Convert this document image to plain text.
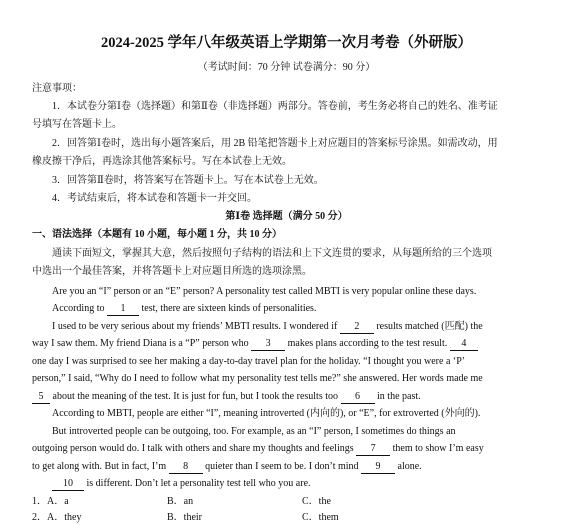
2024-2025 学年八年级英语上学期第一次月考卷（外研版）
（考试时间：70 分钟 试卷满分：90 分）
注意事项：
1．本试卷分第Ⅰ卷（选择题）和第Ⅱ卷（非选择题）两部分。答卷前，考生务必将自己的姓名、准考证
号填写在答题卡上。
2．回答第Ⅰ卷时，选出每小题答案后，用 2B 铅笔把答题卡上对应题目的答案标号涂黑。如需改动，用
橡皮擦干净后，再选涂其他答案标号。写在本试卷上无效。
3．回答第Ⅱ卷时，将答案写在答题卡上。写在本试卷上无效。
4．考试结束后，将本试卷和答题卡一并交回。
第Ⅰ卷 选择题（满分 50 分）
一、语法选择（本题有 10 小题，每小题 1 分，共 10 分）
通读下面短文，掌握其大意，然后按照句子结构的语法和上下文连贯的要求，从每题所给的三个选项
中选出一个最佳答案，并将答题卡上对应题目所选的选项涂黑。
Are you an “I” person or an “E” person? A personality test called MBTI is very popular online these days.
According to 1 test, there are sixteen kinds of personalities.
I used to be very serious about my friends’ MBTI results. I wondered if 2 results matched (匹配) the
way I saw them. My friend Diana is a “P” person who 3 makes plans according to the test result. 4
one day I was surprised to see her making a day-to-day travel plan for the holiday. “I thought you were a ‘P’
person,” I said, “Why do I need to follow what my personality test tells me?” she answered. Her words made me
5 about the meaning of the test. It is just for fun, but I took the results too 6 in the past.
According to MBTI, people are either “I”, meaning introverted (内向的), or “E”, for extroverted (外向的).
But introverted people can be outgoing, too. For example, as an “I” person, I sometimes do things an
outgoing person would do. I talk with others and share my thoughts and feelings 7 them to show I’m easy
to get along with. But in fact, I’m 8 quieter than I seem to be. I don’t mind 9 alone.
10 is different. Don’t let a personality test tell who you are.
1．A．a	B．an	C．the
2．A．they	B．their	C．them
